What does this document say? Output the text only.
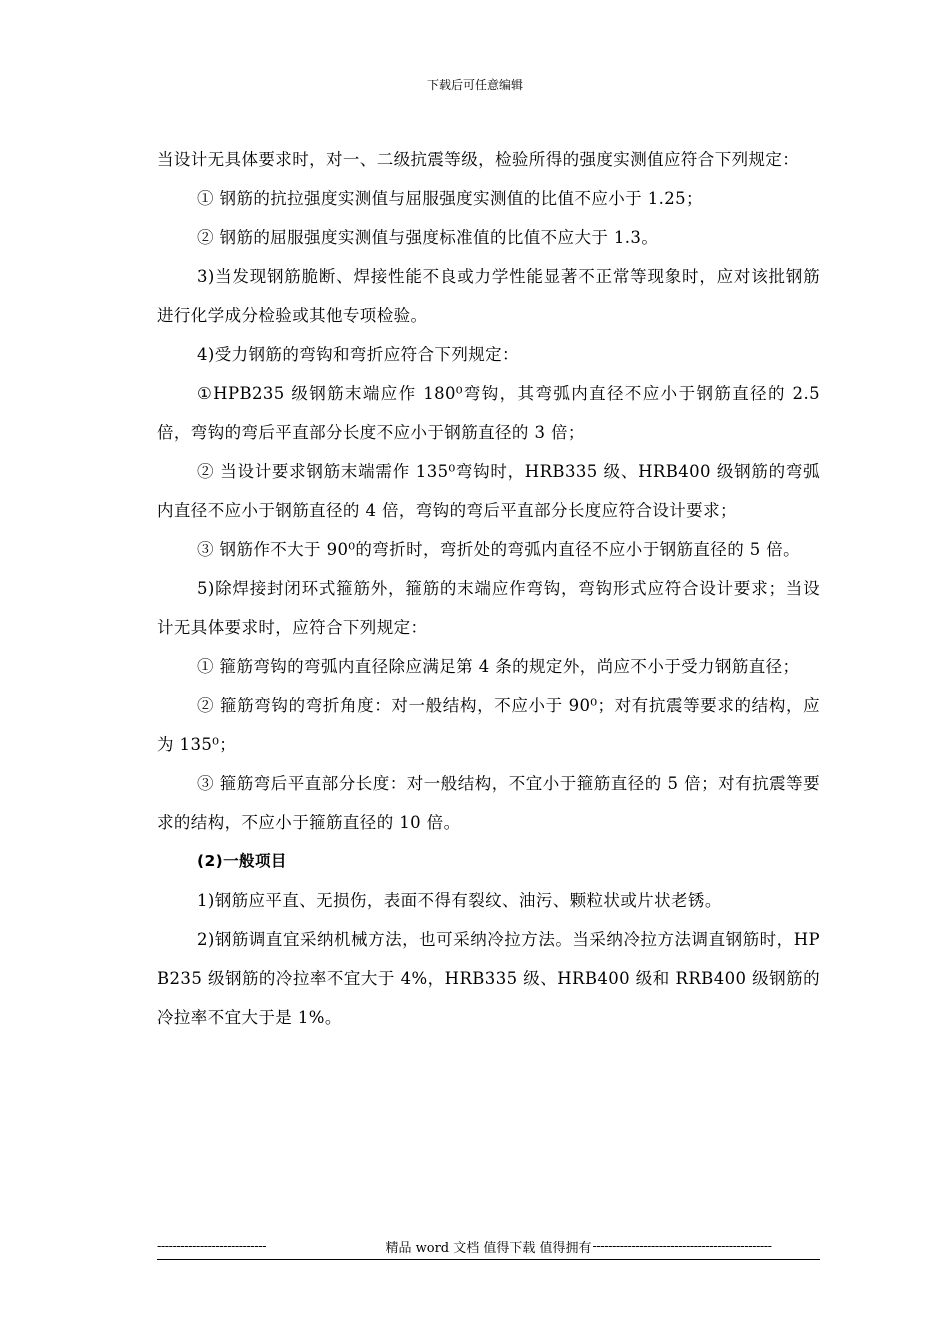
下载后可任意编辑

当设计无具体要求时，对一、二级抗震等级，检验所得的强度实测值应符合下列规定：

① 钢筋的抗拉强度实测值与屈服强度实测值的比值不应小于 1.25；

② 钢筋的屈服强度实测值与强度标准值的比值不应大于 1.3。

3)当发现钢筋脆断、焊接性能不良或力学性能显著不正常等现象时，应对该批钢筋进行化学成分检验或其他专项检验。

4)受力钢筋的弯钩和弯折应符合下列规定：

①HPB235 级钢筋末端应作 180⁰弯钩，其弯弧内直径不应小于钢筋直径的 2.5 倍，弯钩的弯后平直部分长度不应小于钢筋直径的 3 倍；

② 当设计要求钢筋末端需作 135⁰弯钩时，HRB335 级、HRB400 级钢筋的弯弧内直径不应小于钢筋直径的 4 倍，弯钩的弯后平直部分长度应符合设计要求；

③ 钢筋作不大于 90⁰的弯折时，弯折处的弯弧内直径不应小于钢筋直径的 5 倍。

5)除焊接封闭环式箍筋外，箍筋的末端应作弯钩，弯钩形式应符合设计要求；当设计无具体要求时，应符合下列规定：

① 箍筋弯钩的弯弧内直径除应满足第 4 条的规定外，尚应不小于受力钢筋直径；

② 箍筋弯钩的弯折角度：对一般结构，不应小于 90⁰；对有抗震等要求的结构，应为 135⁰；

③ 箍筋弯后平直部分长度：对一般结构，不宜小于箍筋直径的 5 倍；对有抗震等要求的结构，不应小于箍筋直径的 10 倍。

(2)一般项目

1)钢筋应平直、无损伤，表面不得有裂纹、油污、颗粒状或片状老锈。

2)钢筋调直宜采纳机械方法，也可采纳冷拉方法。当采纳冷拉方法调直钢筋时，HPB235 级钢筋的冷拉率不宜大于 4%，HRB335 级、HRB400 级和 RRB400 级钢筋的冷拉率不宜大于是 1%。

----------------------------	精品 word 文档 值得下载 值得拥有 ----------------------------------------------
